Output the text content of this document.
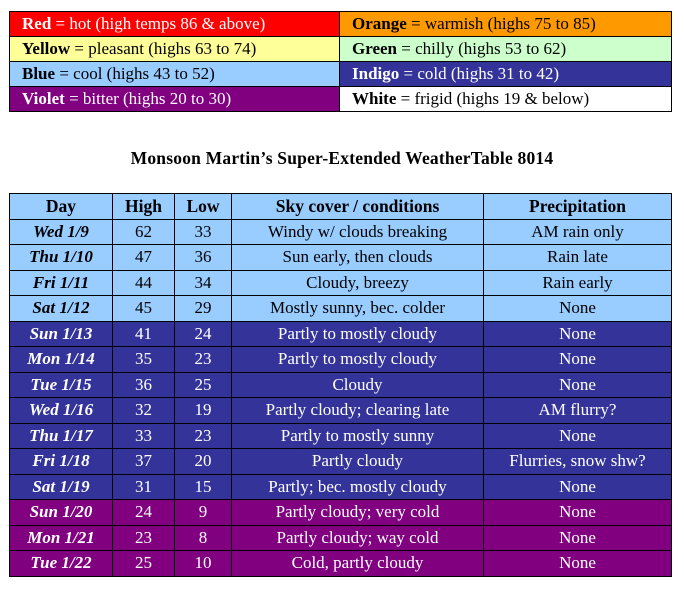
Red = hot (high temps 86 & above)	Orange = warmish (highs 75 to 85)
Yellow = pleasant (highs 63 to 74)	Green = chilly (highs 53 to 62)
Blue = cool (highs 43 to 52)	Indigo = cold (highs 31 to 42)
Violet = bitter (highs 20 to 30)	White = frigid (highs 19 & below)
Monsoon Martin’s Super-Extended WeatherTable 8014
Day	High	Low	Sky cover / conditions	Precipitation
Wed 1/9	62	33	Windy w/ clouds breaking	AM rain only
Thu 1/10	47	36	Sun early, then clouds	Rain late
Fri 1/11	44	34	Cloudy, breezy	Rain early
Sat 1/12	45	29	Mostly sunny, bec. colder	None
Sun 1/13	41	24	Partly to mostly cloudy	None
Mon 1/14	35	23	Partly to mostly cloudy	None
Tue 1/15	36	25	Cloudy	None
Wed 1/16	32	19	Partly cloudy; clearing late	AM flurry?
Thu 1/17	33	23	Partly to mostly sunny	None
Fri 1/18	37	20	Partly cloudy	Flurries, snow shw?
Sat 1/19	31	15	Partly; bec. mostly cloudy	None
Sun 1/20	24	9	Partly cloudy; very cold	None
Mon 1/21	23	8	Partly cloudy; way cold	None
Tue 1/22	25	10	Cold, partly cloudy	None
